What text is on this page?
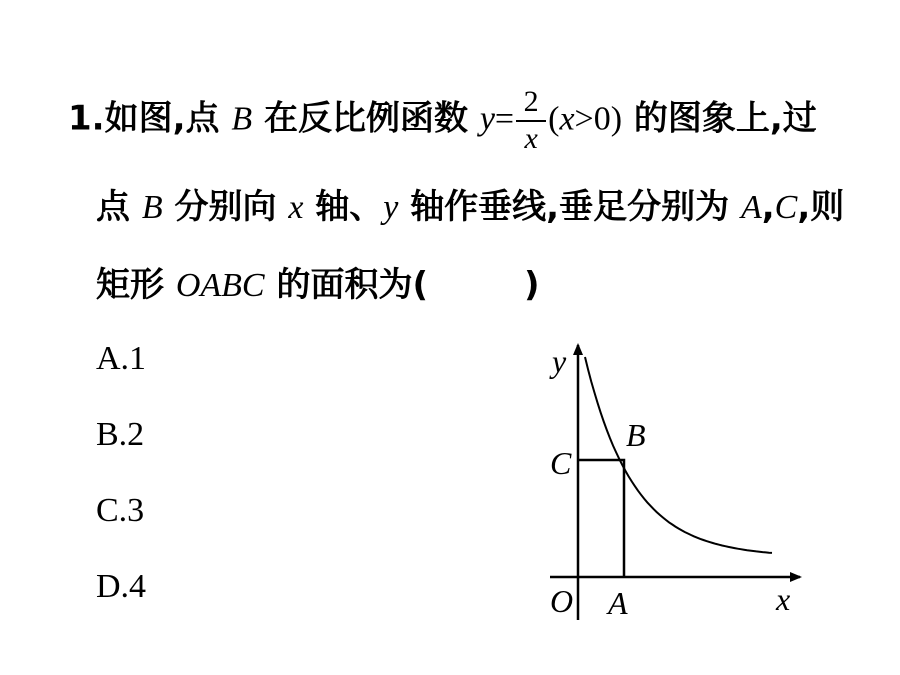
1.如图,点 B 在反比例函数 $y= \frac{2}{x} (x>0)$ 的图象上,过
点 B 分别向 x 轴、y 轴作垂线,垂足分别为 A,C,则
矩形 OABC 的面积为(	)
A.1
B.2
C.3
D.4
y
x
O A
B
C
